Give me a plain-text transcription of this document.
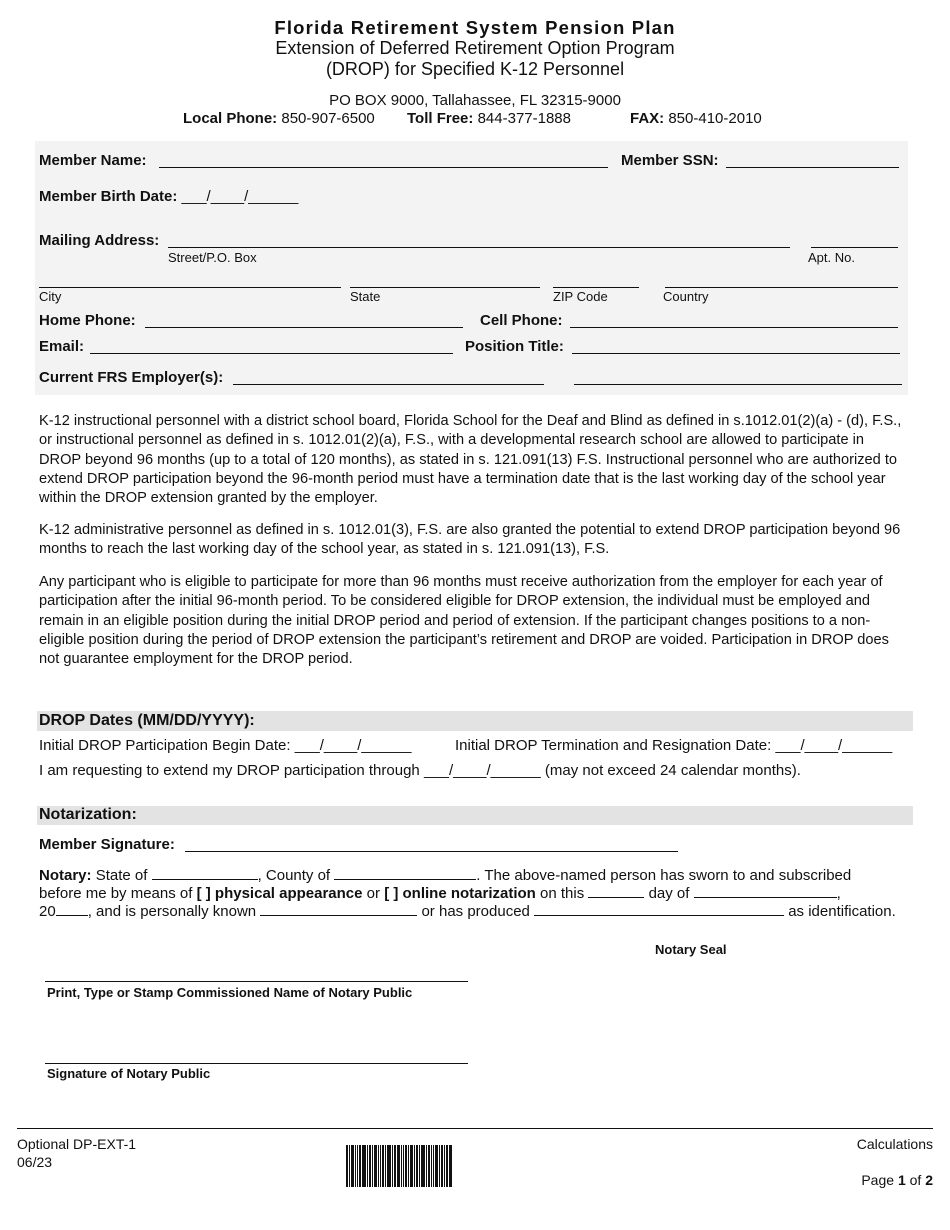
Florida Retirement System Pension Plan
Extension of Deferred Retirement Option Program
(DROP) for Specified K-12 Personnel
PO BOX 9000, Tallahassee, FL 32315-9000
Local Phone: 850-907-6500 Toll Free: 844-377-1888	FAX: 850-410-2010
Member Name:	Member SSN:
Member Birth Date: ___/____/______
Mailing Address:
Street/P.O. Box	Apt. No.
City	State	ZIP Code	Country
Home Phone:	Cell Phone:
Email:	Position Title:
Current FRS Employer(s):
K-12 instructional personnel with a district school board, Florida School for the Deaf and Blind as defined in s.1012.01(2)(a) - (d), F.S., or instructional personnel as defined in s. 1012.01(2)(a), F.S., with a developmental research school are allowed to participate in DROP beyond 96 months (up to a total of 120 months), as stated in s. 121.091(13) F.S. Instructional personnel who are authorized to extend DROP participation beyond the 96-month period must have a termination date that is the last working day of the school year within the DROP extension granted by the employer.
K-12 administrative personnel as defined in s. 1012.01(3), F.S. are also granted the potential to extend DROP participation beyond 96 months to reach the last working day of the school year, as stated in s. 121.091(13), F.S.
Any participant who is eligible to participate for more than 96 months must receive authorization from the employer for each year of participation after the initial 96-month period. To be considered eligible for DROP extension, the individual must be employed and remain in an eligible position during the initial DROP period and period of extension. If the participant changes positions to a non-eligible position during the period of DROP extension the participant’s retirement and DROP are voided. Participation in DROP does not guarantee employment for the DROP period.
DROP Dates (MM/DD/YYYY):
Initial DROP Participation Begin Date: ___/____/______	Initial DROP Termination and Resignation Date: ___/____/______
I am requesting to extend my DROP participation through ___/____/______ (may not exceed 24 calendar months).
Notarization:
Member Signature:
Notary: State of	, County of	. The above-named person has sworn to and subscribed
before me by means of [ ] physical appearance or [ ] online notarization on this	day of	,
20 , and is personally known	or has produced	as identification.
Notary Seal
Print, Type or Stamp Commissioned Name of Notary Public
Signature of Notary Public
Optional DP-EXT-1
06/23
Calculations
Page 1 of 2
